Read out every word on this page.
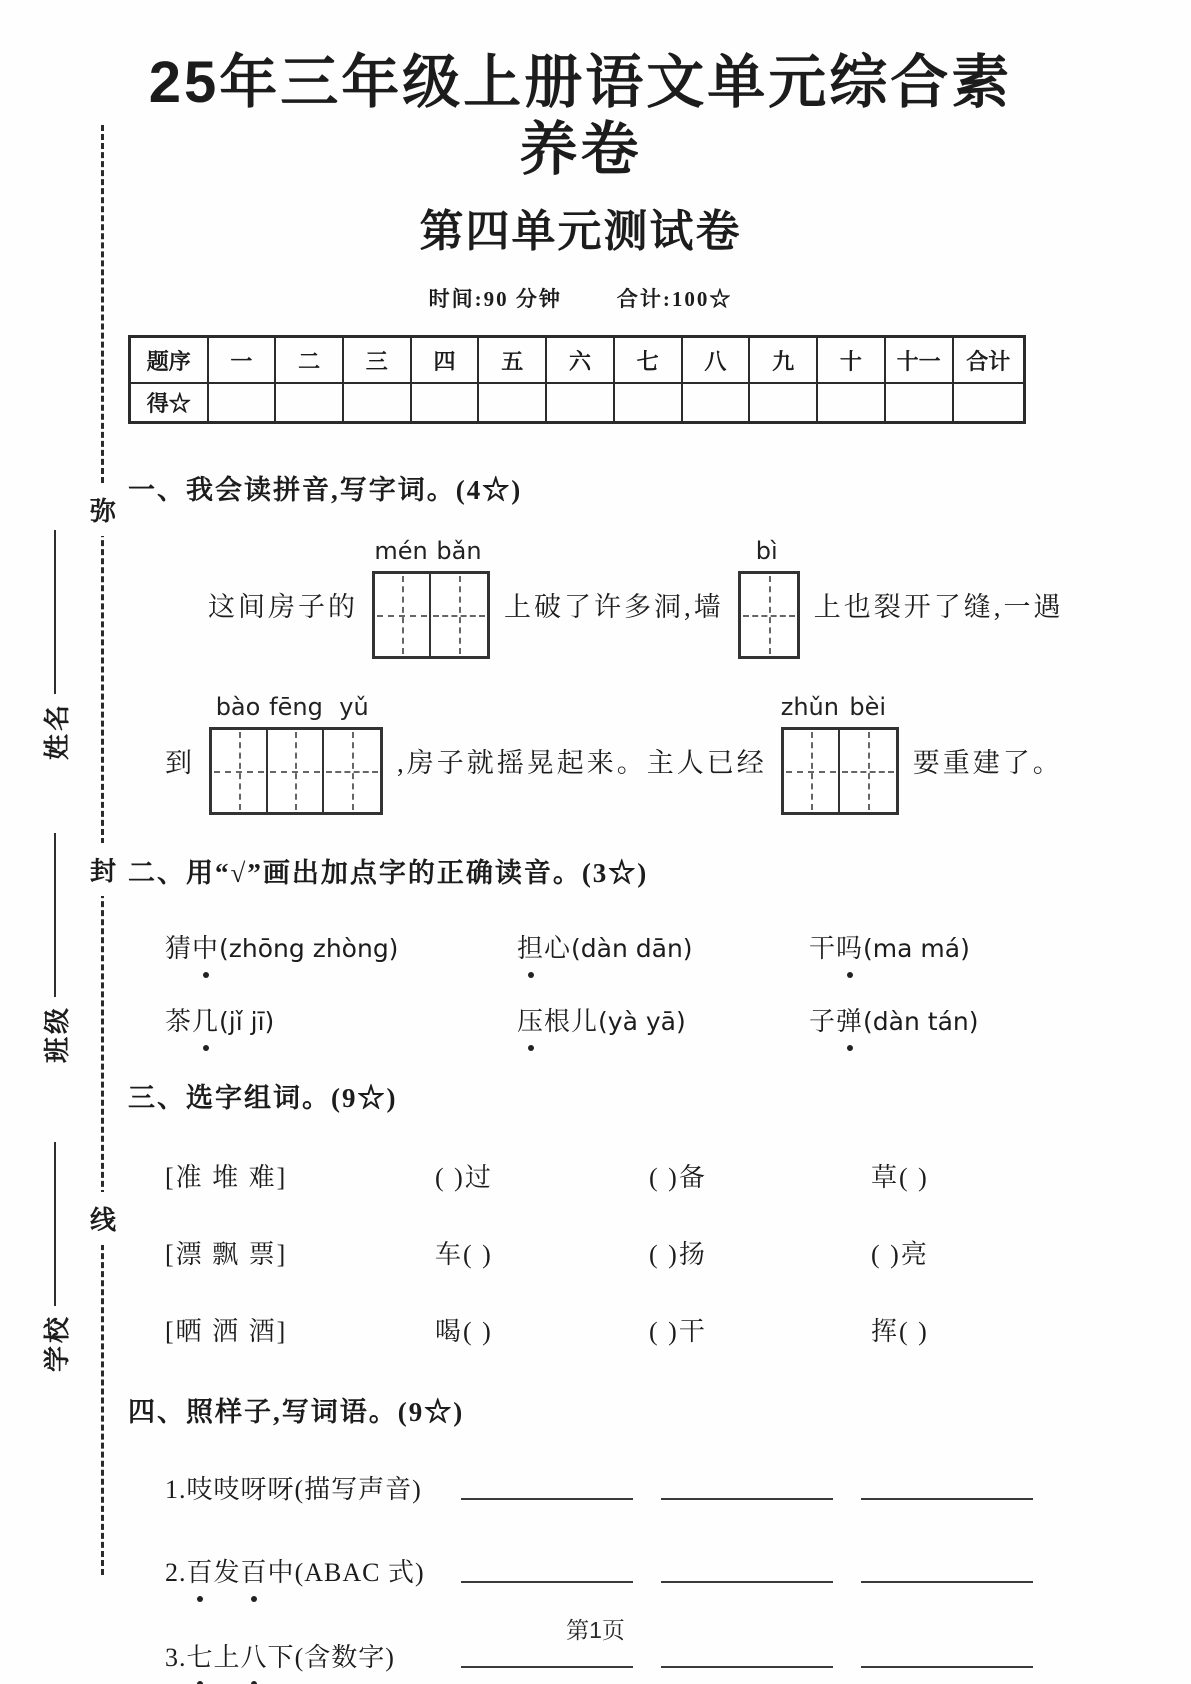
弥
封
线
姓名
班级
学校
25年三年级上册语文单元综合素养卷
第四单元测试卷
时间:90 分钟	合计:100☆
题序	一	二	三	四	五	六	七	八	九	十	十一	合计
得☆												
一、我会读拼音,写字词。(4☆)
这间房子的
mén bǎn
上破了许多洞,墙
bì
上也裂开了缝,一遇
到
bào fēng yǔ
,房子就摇晃起来。主人已经
zhǔn bèi
要重建了。
二、用“√”画出加点字的正确读音。(3☆)
猜中(zhōng zhòng)	担心(dàn dān)	干吗(ma má)
茶几(jǐ jī)	压根儿(yà yā)	子弹(dàn tán)
三、选字组词。(9☆)
[准 堆 难]	( )过	( )备	草( )
[漂 飘 票]	车( )	( )扬	( )亮
[晒 洒 酒]	喝( )	( )干	挥( )
四、照样子,写词语。(9☆)
1.吱吱呀呀(描写声音)
2.百发百中(ABAC 式)
3.七上八下(含数字)
第1页
